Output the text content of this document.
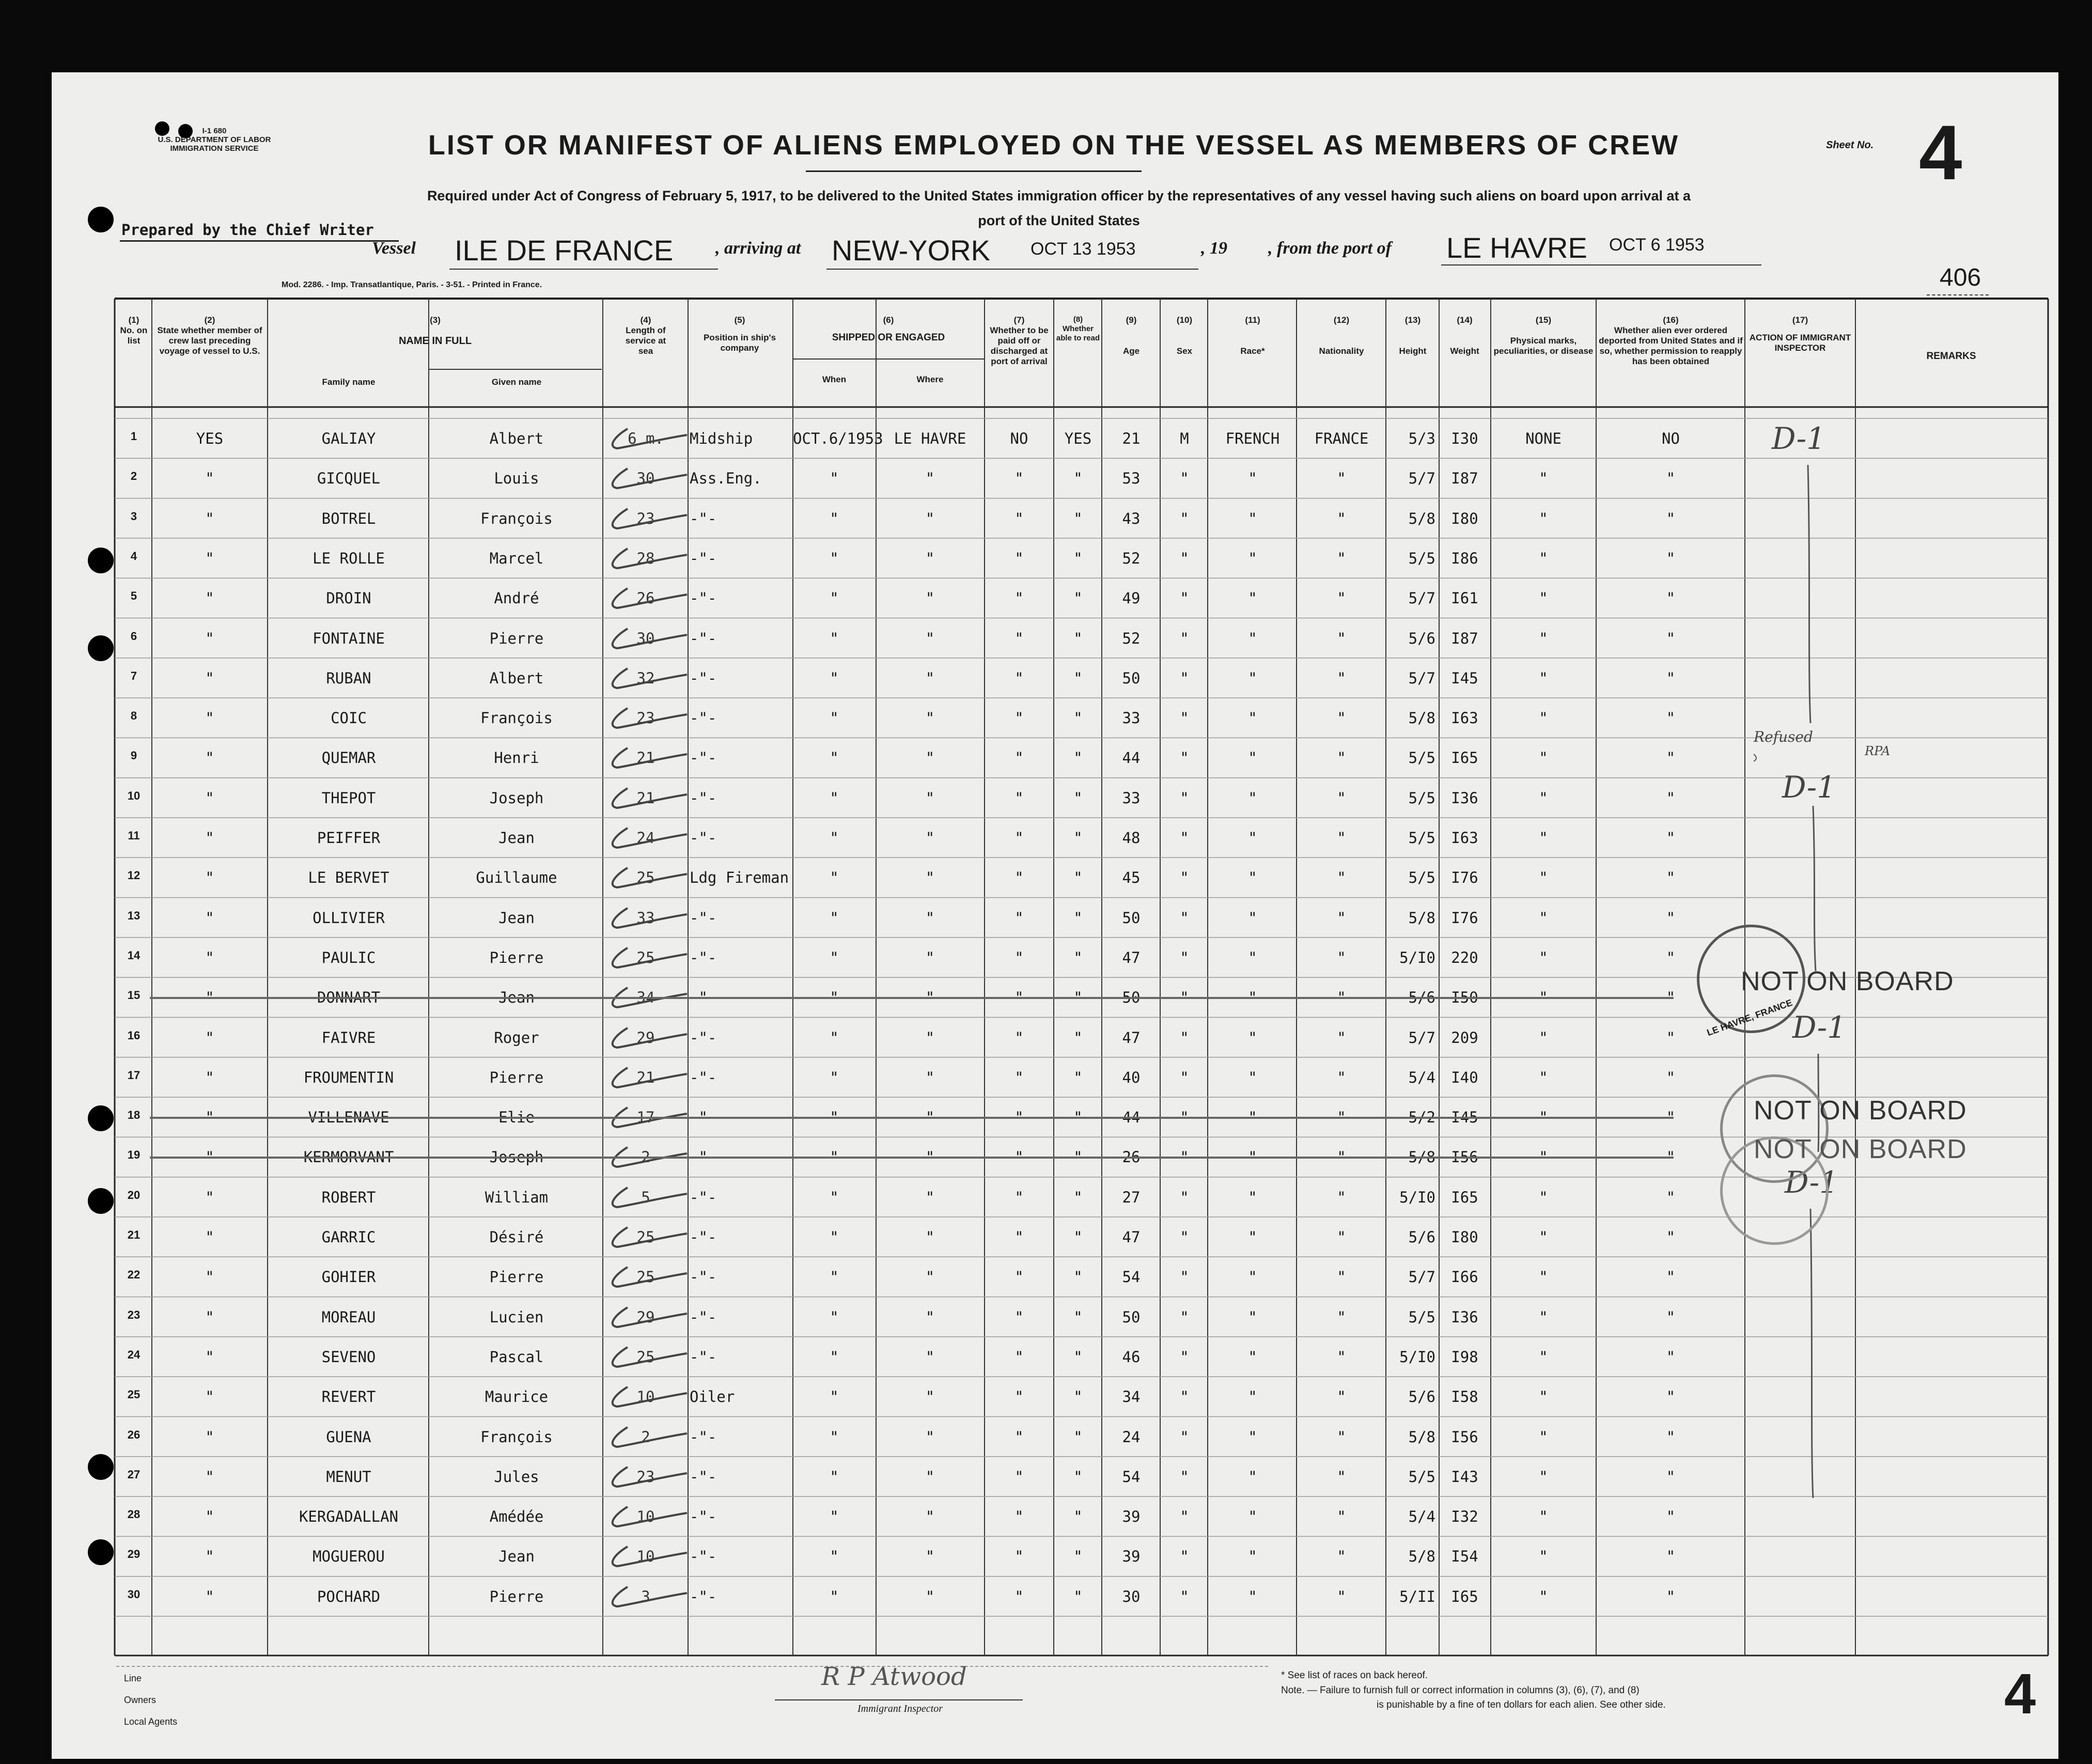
I-1 680
U.S. DEPARTMENT OF LABOR
IMMIGRATION SERVICE	LIST OR MANIFEST OF ALIENS EMPLOYED ON THE VESSEL AS MEMBERS OF CREW	Sheet No. 4
Required under Act of Congress of February 5, 1917, to be delivered to the United States immigration officer by the representatives of any vessel having such aliens on board upon arrival at a
port of the United States
Prepared by the Chief Writer
Vessel ILE DE FRANCE , arriving at NEW-YORK OCT 13 1953	, 19 , from the port of LE HAVRE OCT 6 1953
Mod. 2286. - Imp. Transatlantique, Paris. - 3-51. - Printed in France.	406
(1)
No. on list
(2)
State whether member of crew last preceding voyage of vessel to U.S.
(3)
NAME IN FULL
Family name	Given name
(4)
Length of service at sea
(5)
Position in ship's company
(6)
SHIPPED OR ENGAGED
When	Where
(7)
Whether to be paid off or discharged at port of arrival
(8)
Whether able to read
(9)
Age
(10)
Sex
(11)
Race*
(12)
Nationality
(13)
Height
(14)
Weight
(15)
Physical marks, peculiarities, or disease
(16)
Whether alien ever ordered deported from United States and if so, whether permission to reapply has been obtained
(17)
ACTION OF IMMIGRANT INSPECTOR
REMARKS
1	YES	GALIAY	Albert	6 m.	Midship	OCT.6/1953 LE HAVRE	NO	YES	21	M	FRENCH	FRANCE	5/3	I30	NONE	NO
2	"	GICQUEL	Louis	30	Ass.Eng.	"	"	"	"	53	"	"	"	5/7	I87	"	"
3	"	BOTREL	François	23	-"-	"	"	"	"	43	"	"	"	5/8	I80	"	"
4	"	LE ROLLE	Marcel	28	-"-	"	"	"	"	52	"	"	"	5/5	I86	"	"
5	"	DROIN	André	26	-"-	"	"	"	"	49	"	"	"	5/7	I61	"	"
6	"	FONTAINE	Pierre	30	-"-	"	"	"	"	52	"	"	"	5/6	I87	"	"
7	"	RUBAN	Albert	32	-"-	"	"	"	"	50	"	"	"	5/7	I45	"	"
8	"	COIC	François	23	-"-	"	"	"	"	33	"	"	"	5/8	I63	"	"
9	"	QUEMAR	Henri	21	-"-	"	"	"	"	44	"	"	"	5/5	I65	"	"
10	"	THEPOT	Joseph	21	-"-	"	"	"	"	33	"	"	"	5/5	I36	"	"
11	"	PEIFFER	Jean	24	-"-	"	"	"	"	48	"	"	"	5/5	I63	"	"
12	"	LE BERVET	Guillaume	25	Ldg Fireman	"	"	"	"	45	"	"	"	5/5	I76	"	"
13	"	OLLIVIER	Jean	33	-"-	"	"	"	"	50	"	"	"	5/8	I76	"	"
14	"	PAULIC	Pierre	25	-"-	"	"	"	"	47	"	"	"	5/I0	220	"	"
15	"	DONNART	Jean	34	-"-	"	"	"	"	50	"	"	"	5/6	I50	"	"
16	"	FAIVRE	Roger	29	-"-	"	"	"	"	47	"	"	"	5/7	209	"	"
17	"	FROUMENTIN	Pierre	21	-"-	"	"	"	"	40	"	"	"	5/4	I40	"	"
18	"	VILLENAVE	Elie	17	-"-	"	"	"	"	44	"	"	"	5/2	I45	"	"
19	"	KERMORVANT	Joseph	2	-"-	"	"	"	"	26	"	"	"	5/8	I56	"	"
20	"	ROBERT	William	5	-"-	"	"	"	"	27	"	"	"	5/I0	I65	"	"
21	"	GARRIC	Désiré	25	-"-	"	"	"	"	47	"	"	"	5/6	I80	"	"
22	"	GOHIER	Pierre	25	-"-	"	"	"	"	54	"	"	"	5/7	I66	"	"
23	"	MOREAU	Lucien	29	-"-	"	"	"	"	50	"	"	"	5/5	I36	"	"
24	"	SEVENO	Pascal	25	-"-	"	"	"	"	46	"	"	"	5/I0	I98	"	"
25	"	REVERT	Maurice	10	Oiler	"	"	"	"	34	"	"	"	5/6	I58	"	"
26	"	GUENA	François	2	-"-	"	"	"	"	24	"	"	"	5/8	I56	"	"
27	"	MENUT	Jules	23	-"-	"	"	"	"	54	"	"	"	5/5	I43	"	"
28	"	KERGADALLAN	Amédée	10	-"-	"	"	"	"	39	"	"	"	5/4	I32	"	"
29	"	MOGUEROU	Jean	10	-"-	"	"	"	"	39	"	"	"	5/8	I54	"	"
30	"	POCHARD	Pierre	3	-"-	"	"	"	"	30	"	"	"	5/II	I65	"	"
D-1
Refused
RPA
D-1
D-1
D-1
LE HAVRE, FRANCE
NOT ON BOARD
NOT ON BOARD
NOT ON BOARD
Line
Owners
Local Agents
R P Atwood
Immigrant Inspector
* See list of races on back hereof.
Note. — Failure to furnish full or correct information in columns (3), (6), (7), and (8)
is punishable by a fine of ten dollars for each alien. See other side.	4
